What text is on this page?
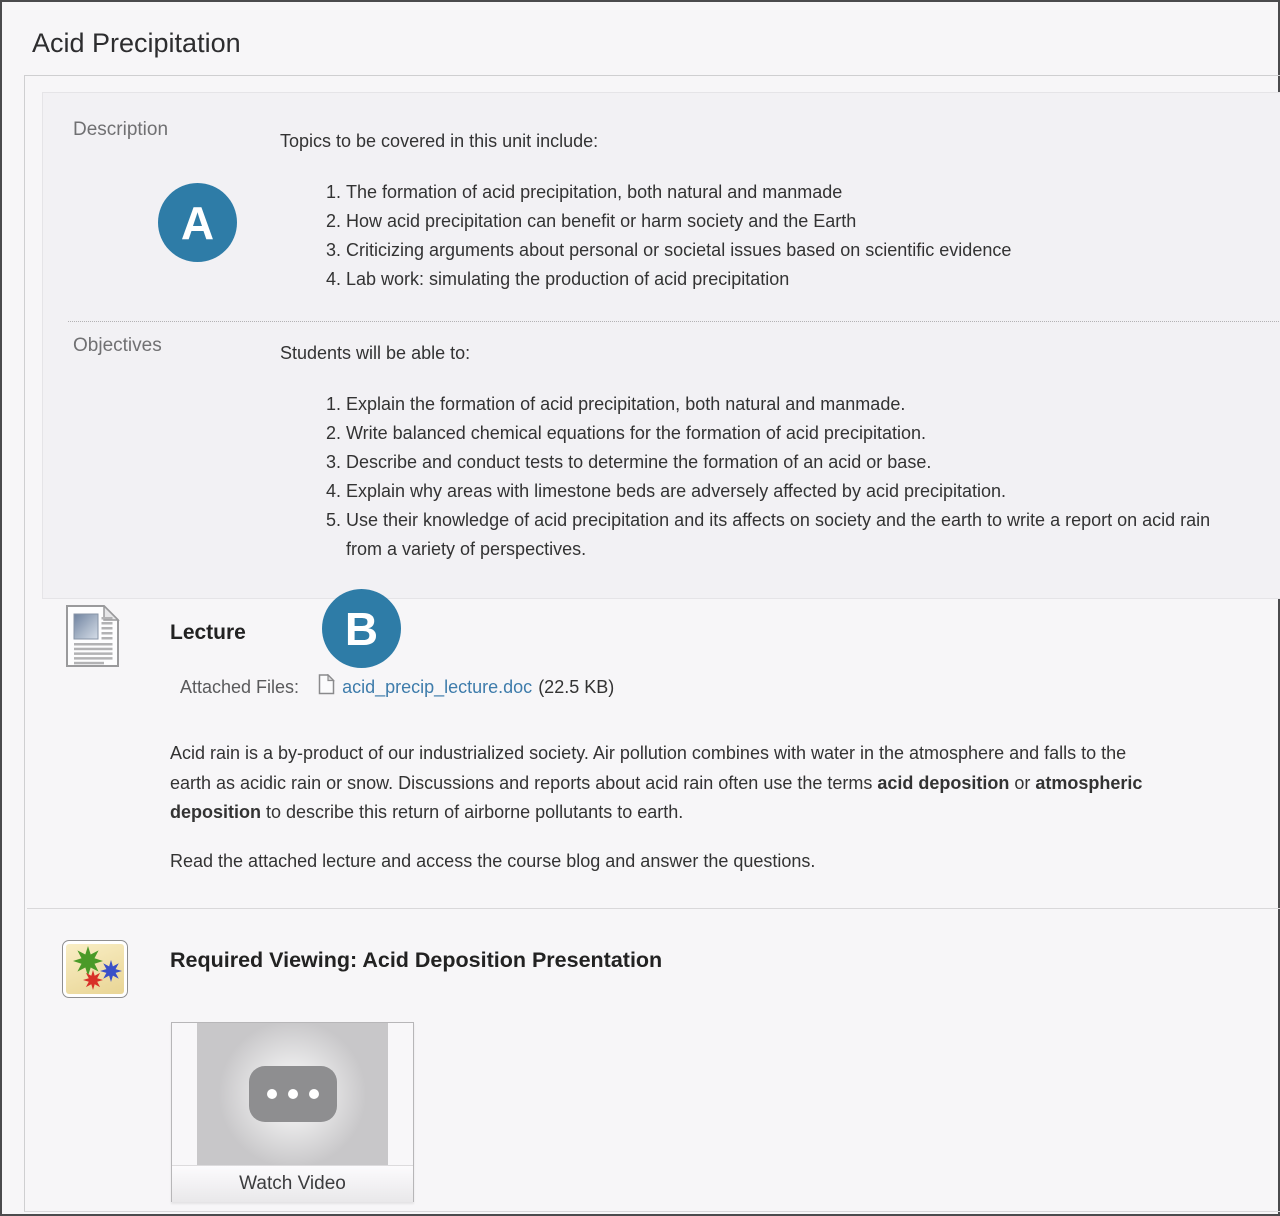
Acid Precipitation
Description
Topics to be covered in this unit include:
1. The formation of acid precipitation, both natural and manmade
2. How acid precipitation can benefit or harm society and the Earth
3. Criticizing arguments about personal or societal issues based on scientific evidence
4. Lab work: simulating the production of acid precipitation
Objectives	Students will be able to:
1. Explain the formation of acid precipitation, both natural and manmade.
2. Write balanced chemical equations for the formation of acid precipitation.
3. Describe and conduct tests to determine the formation of an acid or base.
4. Explain why areas with limestone beds are adversely affected by acid precipitation.
5. Use their knowledge of acid precipitation and its affects on society and the earth to write a report on acid rain from a variety of perspectives.
A
Lecture	B
Attached Files: acid_precip_lecture.doc (22.5 KB)

Acid rain is a by-product of our industrialized society. Air pollution combines with water in the atmosphere and falls to the earth as acidic rain or snow. Discussions and reports about acid rain often use the terms acid deposition or atmospheric deposition to describe this return of airborne pollutants to earth.

Read the attached lecture and access the course blog and answer the questions.

Required Viewing: Acid Deposition Presentation
Watch Video
